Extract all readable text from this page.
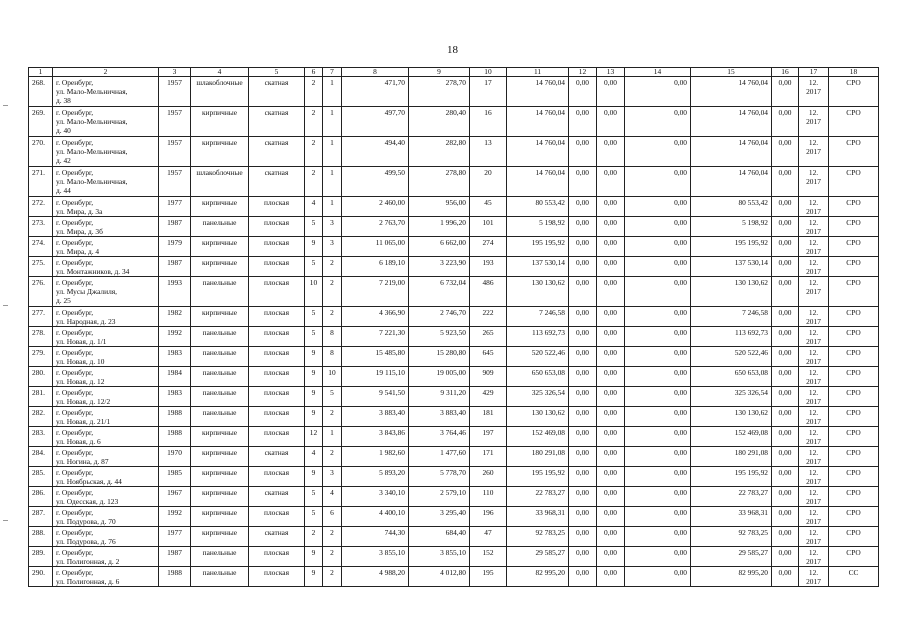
18
1	2	3	4	5	6	7	8	9	10	11	12	13	14	15	16	17	18
268.	г. Оренбург,
ул. Мало-Мельничная,
д. 38	1957	шлакоблочные	скатная	2	1	471,70	278,70	17	14 760,04	0,00	0,00	0,00	14 760,04	0,00	12.
2017	СРО
269.	г. Оренбург,
ул. Мало-Мельничная,
д. 40	1957	кирпичные	скатная	2	1	497,70	280,40	16	14 760,04	0,00	0,00	0,00	14 760,04	0,00	12.
2017	СРО
270.	г. Оренбург,
ул. Мало-Мельничная,
д. 42	1957	кирпичные	скатная	2	1	494,40	282,80	13	14 760,04	0,00	0,00	0,00	14 760,04	0,00	12.
2017	СРО
271.	г. Оренбург,
ул. Мало-Мельничная,
д. 44	1957	шлакоблочные	скатная	2	1	499,50	278,80	20	14 760,04	0,00	0,00	0,00	14 760,04	0,00	12.
2017	СРО
272.	г. Оренбург,
ул. Мира, д. 3а	1977	кирпичные	плоская	4	1	2 460,00	956,00	45	80 553,42	0,00	0,00	0,00	80 553,42	0,00	12.
2017	СРО
273.	г. Оренбург,
ул. Мира, д. 3б	1987	панельные	плоская	5	3	2 763,70	1 996,20	101	5 198,92	0,00	0,00	0,00	5 198,92	0,00	12.
2017	СРО
274.	г. Оренбург,
ул. Мира, д. 4	1979	кирпичные	плоская	9	3	11 065,00	6 662,00	274	195 195,92	0,00	0,00	0,00	195 195,92	0,00	12.
2017	СРО
275.	г. Оренбург,
ул. Монтажников, д. 34	1987	кирпичные	плоская	5	2	6 189,10	3 223,90	193	137 530,14	0,00	0,00	0,00	137 530,14	0,00	12.
2017	СРО
276.	г. Оренбург,
ул. Мусы Джалиля,
д. 25	1993	панельные	плоская	10	2	7 219,00	6 732,04	486	130 130,62	0,00	0,00	0,00	130 130,62	0,00	12.
2017	СРО
277.	г. Оренбург,
ул. Народная, д. 23	1982	кирпичные	плоская	5	2	4 366,90	2 746,70	222	7 246,58	0,00	0,00	0,00	7 246,58	0,00	12.
2017	СРО
278.	г. Оренбург,
ул. Новая, д. 1/1	1992	панельные	плоская	5	8	7 221,30	5 923,50	265	113 692,73	0,00	0,00	0,00	113 692,73	0,00	12.
2017	СРО
279.	г. Оренбург,
ул. Новая, д. 10	1983	панельные	плоская	9	8	15 485,80	15 280,80	645	520 522,46	0,00	0,00	0,00	520 522,46	0,00	12.
2017	СРО
280.	г. Оренбург,
ул. Новая, д. 12	1984	панельные	плоская	9	10	19 115,10	19 005,00	909	650 653,08	0,00	0,00	0,00	650 653,08	0,00	12.
2017	СРО
281.	г. Оренбург,
ул. Новая, д. 12/2	1983	панельные	плоская	9	5	9 541,50	9 311,20	429	325 326,54	0,00	0,00	0,00	325 326,54	0,00	12.
2017	СРО
282.	г. Оренбург,
ул. Новая, д. 21/1	1988	панельные	плоская	9	2	3 883,40	3 883,40	181	130 130,62	0,00	0,00	0,00	130 130,62	0,00	12.
2017	СРО
283.	г. Оренбург,
ул. Новая, д. 6	1988	кирпичные	плоская	12	1	3 843,86	3 764,46	197	152 469,08	0,00	0,00	0,00	152 469,08	0,00	12.
2017	СРО
284.	г. Оренбург,
ул. Ногина, д. 87	1970	кирпичные	скатная	4	2	1 982,60	1 477,60	171	180 291,08	0,00	0,00	0,00	180 291,08	0,00	12.
2017	СРО
285.	г. Оренбург,
ул. Ноябрьская, д. 44	1985	кирпичные	плоская	9	3	5 893,20	5 778,70	260	195 195,92	0,00	0,00	0,00	195 195,92	0,00	12.
2017	СРО
286.	г. Оренбург,
ул. Одесская, д. 123	1967	кирпичные	скатная	5	4	3 340,10	2 579,10	110	22 783,27	0,00	0,00	0,00	22 783,27	0,00	12.
2017	СРО
287.	г. Оренбург,
ул. Подурова, д. 70	1992	кирпичные	плоская	5	6	4 400,10	3 295,40	196	33 968,31	0,00	0,00	0,00	33 968,31	0,00	12.
2017	СРО
288.	г. Оренбург,
ул. Подурова, д. 76	1977	кирпичные	скатная	2	2	744,30	684,40	47	92 783,25	0,00	0,00	0,00	92 783,25	0,00	12.
2017	СРО
289.	г. Оренбург,
ул. Полигонная, д. 2	1987	панельные	плоская	9	2	3 855,10	3 855,10	152	29 585,27	0,00	0,00	0,00	29 585,27	0,00	12.
2017	СРО
290.	г. Оренбург,
ул. Полигонная, д. 6	1988	панельные	плоская	9	2	4 988,20	4 012,80	195	82 995,20	0,00	0,00	0,00	82 995,20	0,00	12.
2017	СС
